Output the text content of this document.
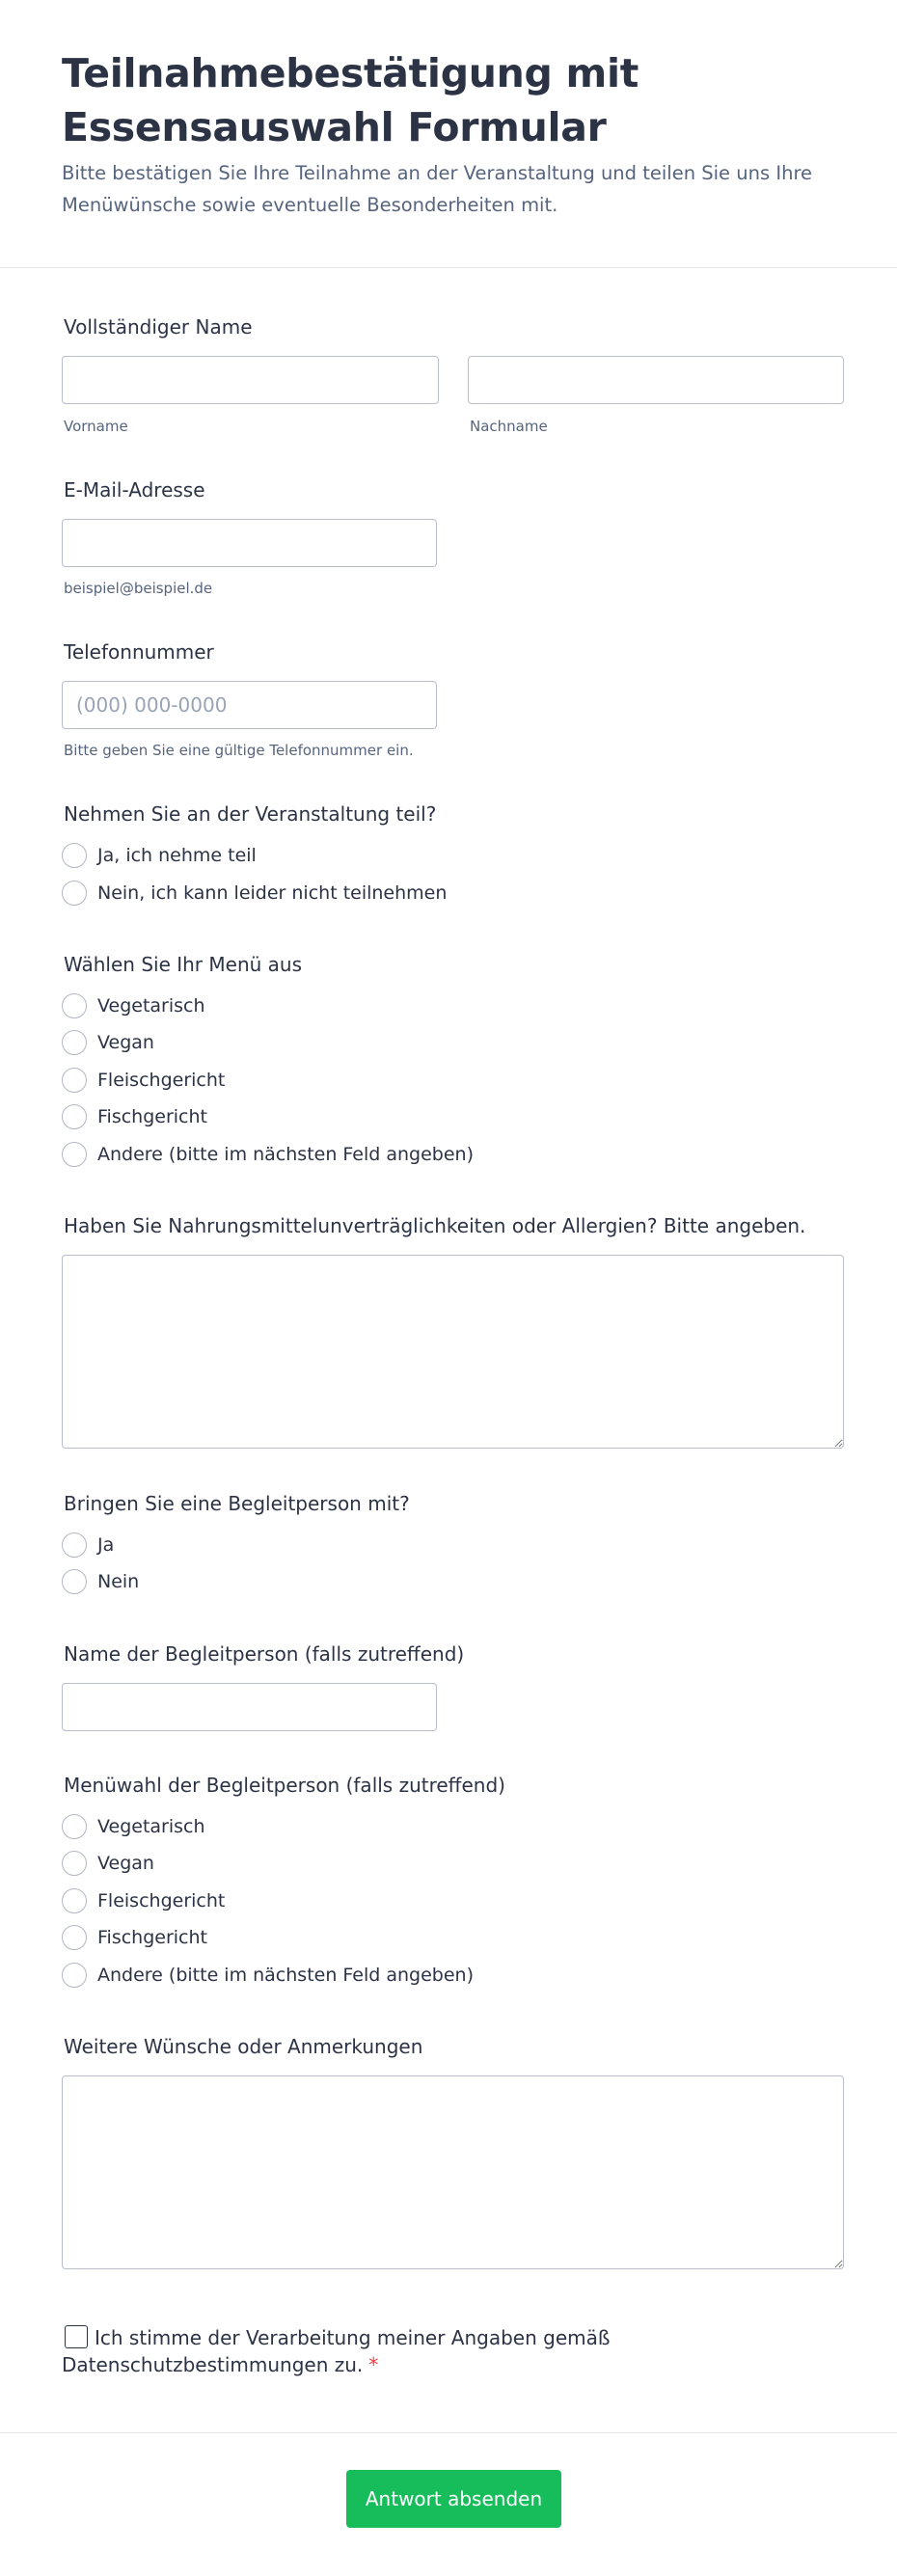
Teilnahmebestätigung mit Essensauswahl Formular

Bitte bestätigen Sie Ihre Teilnahme an der Veranstaltung und teilen Sie uns Ihre Menüwünsche sowie eventuelle Besonderheiten mit.

Vollständiger Name
Vorname	Nachname
E-Mail-Adresse
beispiel@beispiel.de
Telefonnummer
(000) 000-0000
Bitte geben Sie eine gültige Telefonnummer ein.
Nehmen Sie an der Veranstaltung teil?
Ja, ich nehme teil
Nein, ich kann leider nicht teilnehmen
Wählen Sie Ihr Menü aus
Vegetarisch
Vegan
Fleischgericht
Fischgericht
Andere (bitte im nächsten Feld angeben)
Haben Sie Nahrungsmittelunverträglichkeiten oder Allergien? Bitte angeben.
Bringen Sie eine Begleitperson mit?
Ja
Nein
Name der Begleitperson (falls zutreffend)
Menüwahl der Begleitperson (falls zutreffend)
Vegetarisch
Vegan
Fleischgericht
Fischgericht
Andere (bitte im nächsten Feld angeben)
Weitere Wünsche oder Anmerkungen
Ich stimme der Verarbeitung meiner Angaben gemäß Datenschutzbestimmungen zu. *
Antwort absenden
